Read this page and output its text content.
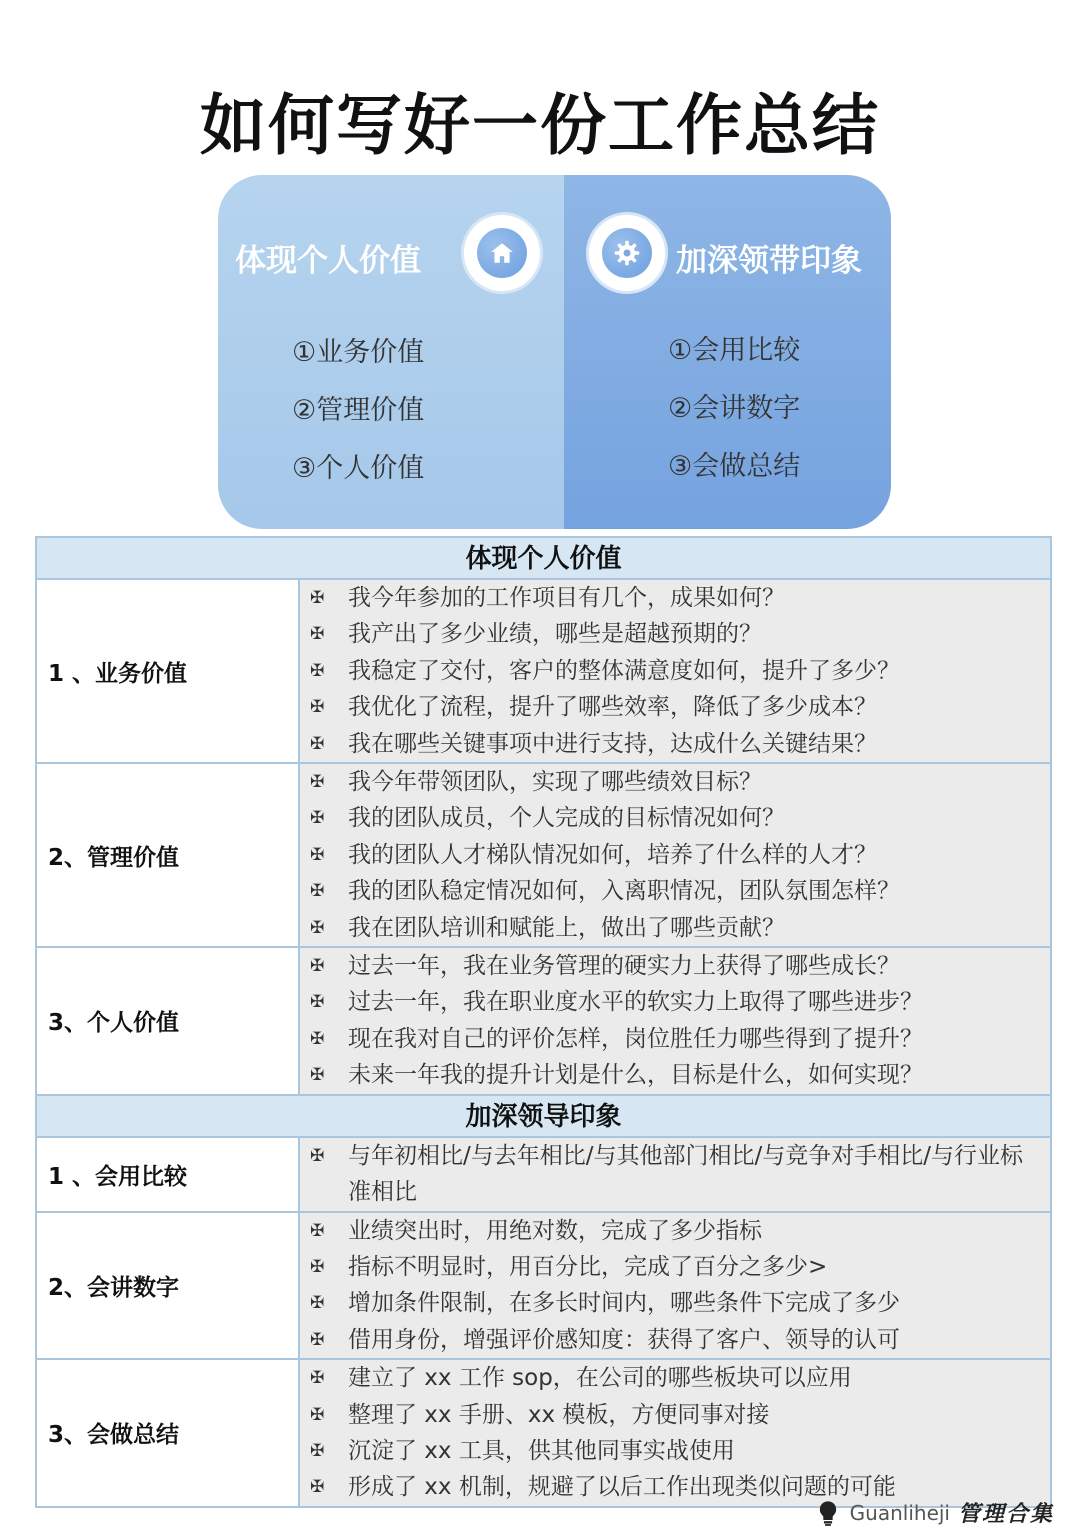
如何写好一份工作总结
体现个人价值
①业务价值
②管理价值
③个人价值
加深领带印象
①会用比较
②会讲数字
③会做总结
体现个人价值
1 、业务价值
✠	我今年参加的工作项目有几个，成果如何？
✠	我产出了多少业绩，哪些是超越预期的？
✠	我稳定了交付，客户的整体满意度如何，提升了多少？
✠	我优化了流程，提升了哪些效率，降低了多少成本？
✠	我在哪些关键事项中进行支持，达成什么关键结果？
2、管理价值
✠	我今年带领团队，实现了哪些绩效目标？
✠	我的团队成员，个人完成的目标情况如何？
✠	我的团队人才梯队情况如何，培养了什么样的人才？
✠	我的团队稳定情况如何，入离职情况，团队氛围怎样？
✠	我在团队培训和赋能上，做出了哪些贡献？
3、个人价值
✠	过去一年，我在业务管理的硬实力上获得了哪些成长？
✠	过去一年，我在职业度水平的软实力上取得了哪些进步？
✠	现在我对自己的评价怎样，岗位胜任力哪些得到了提升？
✠	未来一年我的提升计划是什么，目标是什么，如何实现？
加深领导印象
1 、会用比较
✠	与年初相比/与去年相比/与其他部门相比/与竞争对手相比/与行业标准相比
2、会讲数字
✠	业绩突出时，用绝对数，完成了多少指标
✠	指标不明显时，用百分比，完成了百分之多少>
✠	增加条件限制，在多长时间内，哪些条件下完成了多少
✠	借用身份，增强评价感知度：获得了客户、领导的认可
3、会做总结
✠	建立了 xx 工作 sop，在公司的哪些板块可以应用
✠	整理了 xx 手册、xx 模板，方便同事对接
✠	沉淀了 xx 工具，供其他同事实战使用
✠	形成了 xx 机制，规避了以后工作出现类似问题的可能
Guanliheji 管理合集
